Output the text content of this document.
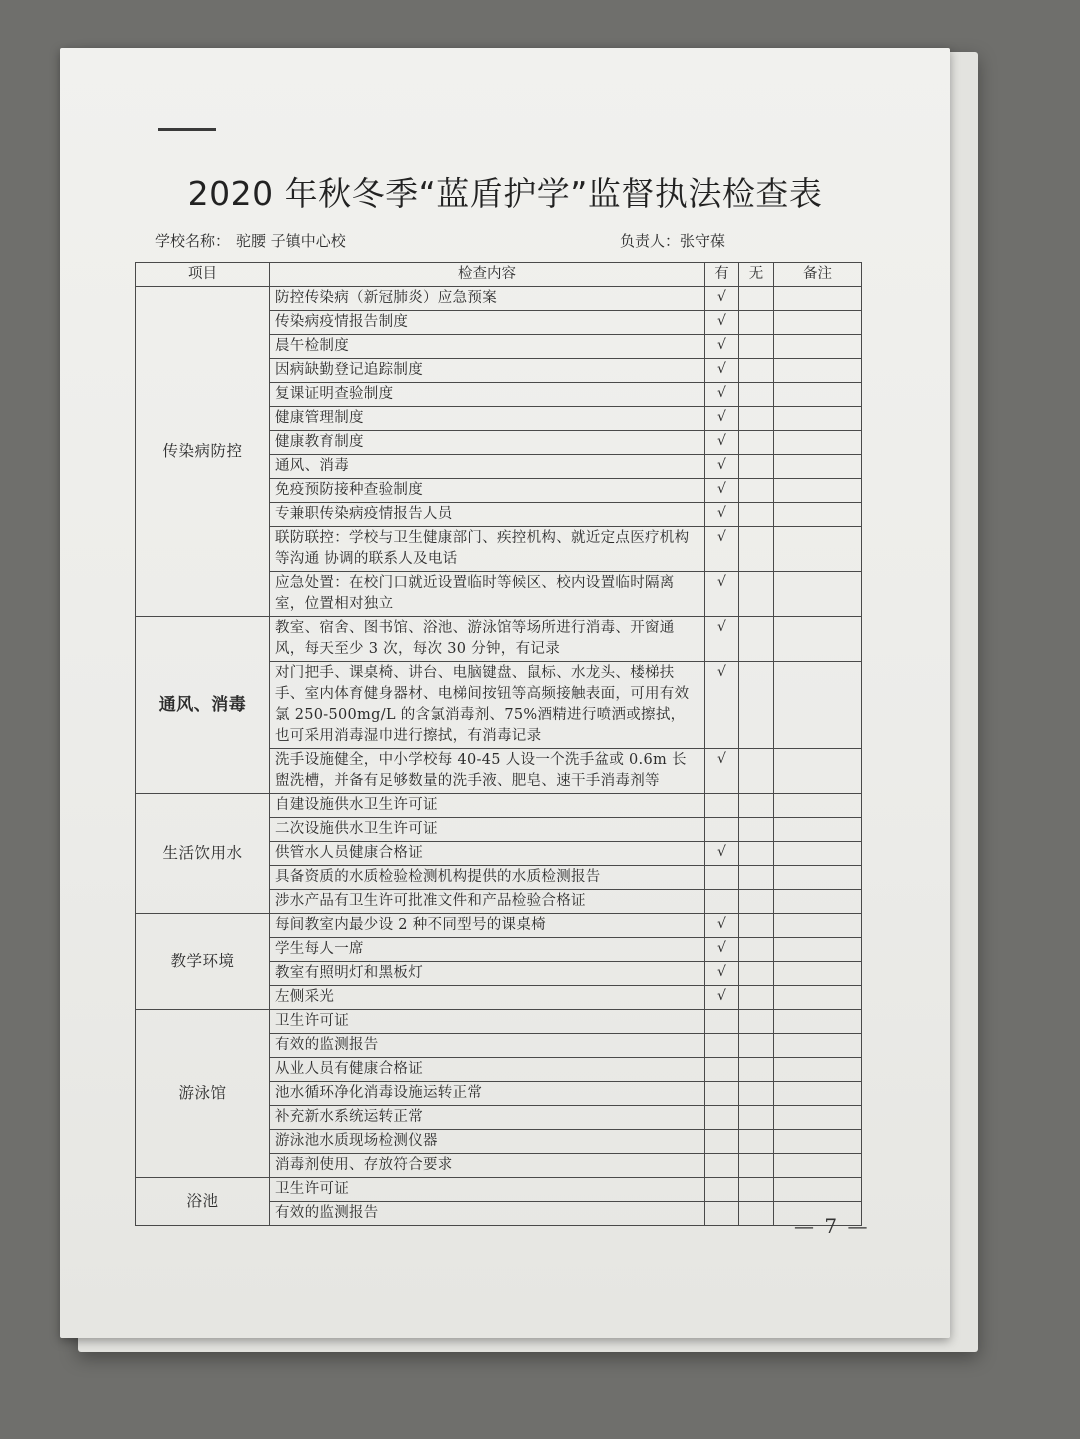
2020 年秋冬季“蓝盾护学”监督执法检查表
学校名称： 驼腰 子镇中心校	负责人：张守葆
项目	检查内容	有	无	备注
传染病防控	防控传染病（新冠肺炎）应急预案	√		
	传染病疫情报告制度	√		
	晨午检制度	√		
	因病缺勤登记追踪制度	√		
	复课证明查验制度	√		
	健康管理制度	√		
	健康教育制度	√		
	通风、消毒	√		
	免疫预防接种查验制度	√		
	专兼职传染病疫情报告人员	√		
	联防联控：学校与卫生健康部门、疾控机构、就近定点医疗机构等沟通 协调的联系人及电话	√		
	应急处置：在校门口就近设置临时等候区、校内设置临时隔离室，位置相对独立	√		
通风、消毒	教室、宿舍、图书馆、浴池、游泳馆等场所进行消毒、开窗通风，每天至少 3 次，每次 30 分钟，有记录	√		
	对门把手、课桌椅、讲台、电脑键盘、鼠标、水龙头、楼梯扶手、室内体育健身器材、电梯间按钮等高频接触表面，可用有效氯 250-500mg/L 的含氯消毒剂、75%酒精进行喷洒或擦拭，也可采用消毒湿巾进行擦拭，有消毒记录	√		
	洗手设施健全，中小学校每 40-45 人设一个洗手盆或 0.6m 长盥洗槽，并备有足够数量的洗手液、肥皂、速干手消毒剂等	√		
生活饮用水	自建设施供水卫生许可证			
	二次设施供水卫生许可证			
	供管水人员健康合格证	√		
	具备资质的水质检验检测机构提供的水质检测报告			
	涉水产品有卫生许可批准文件和产品检验合格证			
教学环境	每间教室内最少设 2 种不同型号的课桌椅	√		
	学生每人一席	√		
	教室有照明灯和黑板灯	√		
	左侧采光	√		
游泳馆	卫生许可证			
	有效的监测报告			
	从业人员有健康合格证			
	池水循环净化消毒设施运转正常			
	补充新水系统运转正常			
	游泳池水质现场检测仪器			
	消毒剂使用、存放符合要求			
浴池	卫生许可证			
	有效的监测报告			
— 7 —
